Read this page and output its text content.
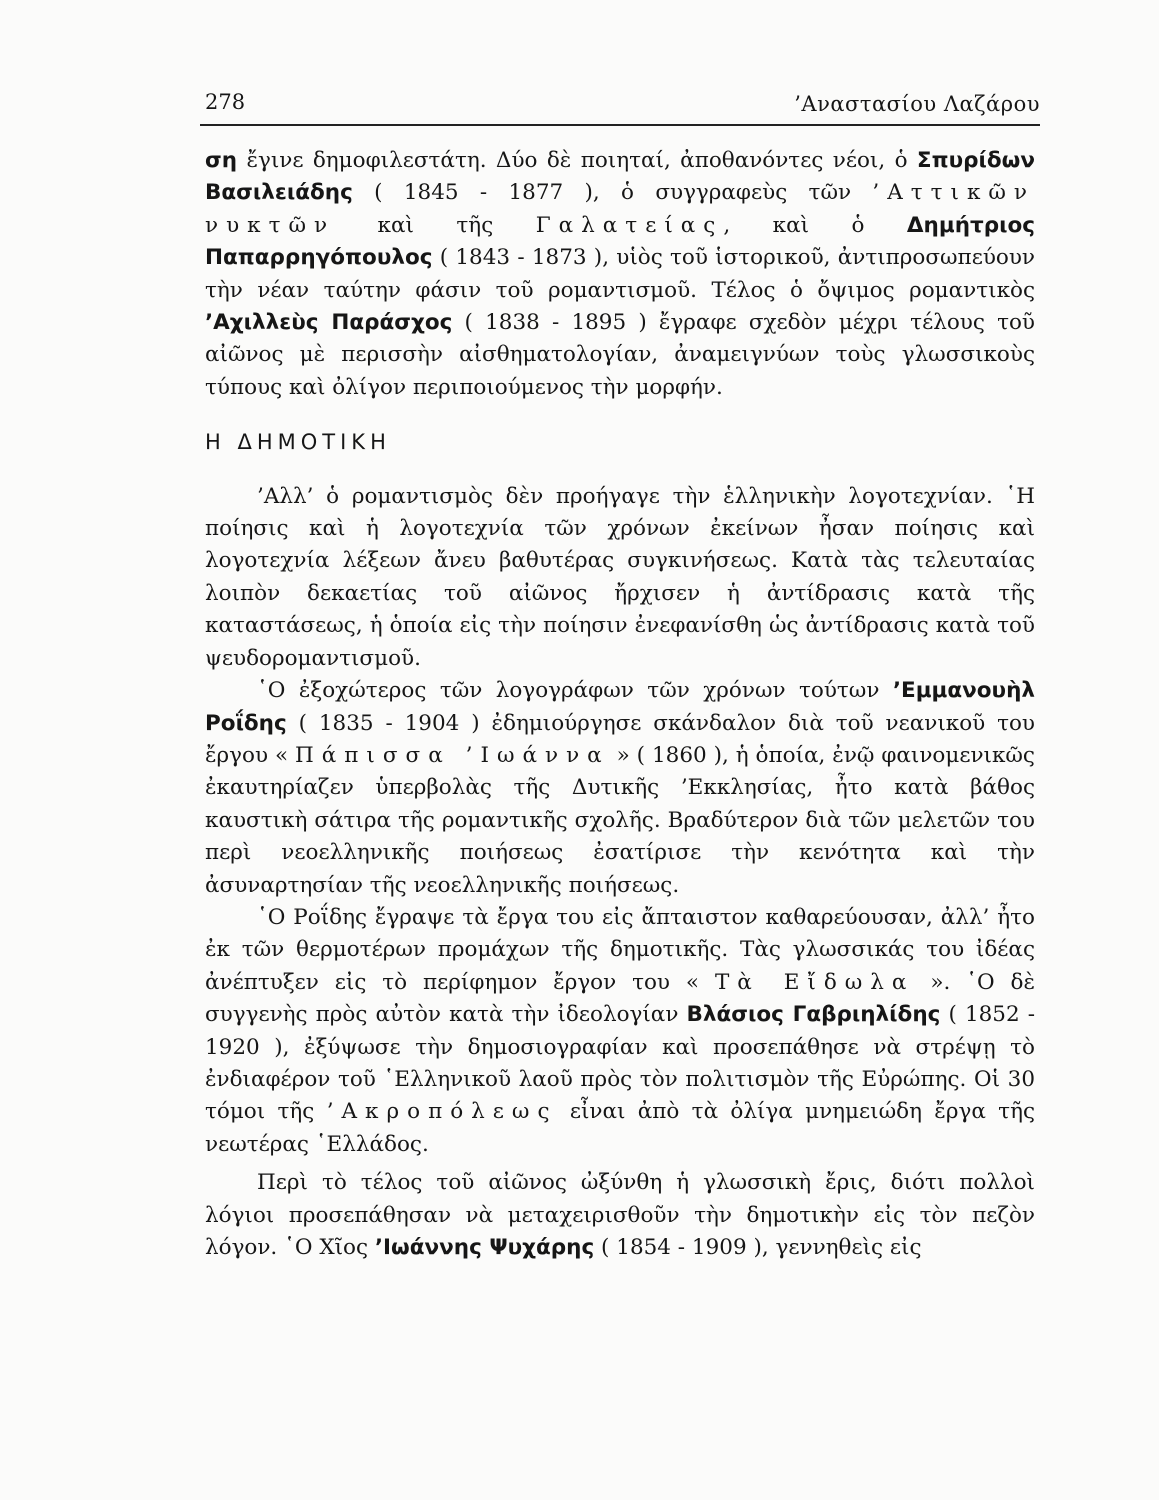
278	’Αναστασίου Λαζάρου

ση ἔγινε δημοφιλεστάτη. Δύο δὲ ποιηταί, ἀποθανόντες νέοι, ὁ Σπυρίδων Βασιλειάδης ( 1845 - 1877 ), ὁ συγγραφεὺς τῶν ’Αττικῶν νυκτῶν καὶ τῆς Γαλατείας, καὶ ὁ Δημήτριος Παπαρρηγόπουλος ( 1843 - 1873 ), υἱὸς τοῦ ἱστορικοῦ, ἀντιπροσωπεύουν τὴν νέαν ταύτην φάσιν τοῦ ρομαντισμοῦ. Τέλος ὁ ὄψιμος ρομαντικὸς ’Αχιλλεὺς Παράσχος ( 1838 - 1895 ) ἔγραφε σχεδὸν μέχρι τέλους τοῦ αἰῶνος μὲ περισσὴν αἰσθηματολογίαν, ἀναμειγνύων τοὺς γλωσσικοὺς τύπους καὶ ὀλίγον περιποιούμενος τὴν μορφήν.

Η ΔΗΜΟΤΙΚΗ

’Αλλ’ ὁ ρομαντισμὸς δὲν προήγαγε τὴν ἑλληνικὴν λογοτεχνίαν. ῾Η ποίησις καὶ ἡ λογοτεχνία τῶν χρόνων ἐκείνων ἦσαν ποίησις καὶ λογοτεχνία λέξεων ἄνευ βαθυτέρας συγκινήσεως. Κατὰ τὰς τελευταίας λοιπὸν δεκαετίας τοῦ αἰῶνος ἤρχισεν ἡ ἀντίδρασις κατὰ τῆς καταστάσεως, ἡ ὁποία εἰς τὴν ποίησιν ἐνεφανίσθη ὡς ἀντίδρασις κατὰ τοῦ ψευδορομαντισμοῦ.

῾Ο ἐξοχώτερος τῶν λογογράφων τῶν χρόνων τούτων ’Εμμανουὴλ Ροΐδης ( 1835 - 1904 ) ἐδημιούργησε σκάνδαλον διὰ τοῦ νεανικοῦ του ἔργου « Πάπισσα ’Ιωάννα » ( 1860 ), ἡ ὁποία, ἐνῷ φαινομενικῶς ἐκαυτηρίαζεν ὑπερβολὰς τῆς Δυτικῆς ’Εκκλησίας, ἦτο κατὰ βάθος καυστικὴ σάτιρα τῆς ρομαντικῆς σχολῆς. Βραδύτερον διὰ τῶν μελετῶν του περὶ νεοελληνικῆς ποιήσεως ἐσατίρισε τὴν κενότητα καὶ τὴν ἀσυναρτησίαν τῆς νεοελληνικῆς ποιήσεως.

῾Ο Ροΐδης ἔγραψε τὰ ἔργα του εἰς ἄπταιστον καθαρεύουσαν, ἀλλ’ ἦτο ἐκ τῶν θερμοτέρων προμάχων τῆς δημοτικῆς. Τὰς γλωσσικάς του ἰδέας ἀνέπτυξεν εἰς τὸ περίφημον ἔργον του « Τὰ Εἴδωλα ». ῾Ο δὲ συγγενὴς πρὸς αὐτὸν κατὰ τὴν ἰδεολογίαν Βλάσιος Γαβριηλίδης ( 1852 - 1920 ), ἐξύψωσε τὴν δημοσιογραφίαν καὶ προσεπάθησε νὰ στρέψῃ τὸ ἐνδιαφέρον τοῦ ῾Ελληνικοῦ λαοῦ πρὸς τὸν πολιτισμὸν τῆς Εὐρώπης. Οἱ 30 τόμοι τῆς ’Ακροπόλεως εἶναι ἀπὸ τὰ ὀλίγα μνημειώδη ἔργα τῆς νεωτέρας ῾Ελλάδος.

Περὶ τὸ τέλος τοῦ αἰῶνος ὠξύνθη ἡ γλωσσικὴ ἔρις, διότι πολλοὶ λόγιοι προσεπάθησαν νὰ μεταχειρισθοῦν τὴν δημοτικὴν εἰς τὸν πεζὸν λόγον. ῾Ο Χῖος ’Ιωάννης Ψυχάρης ( 1854 - 1909 ), γεννηθεὶς εἰς
